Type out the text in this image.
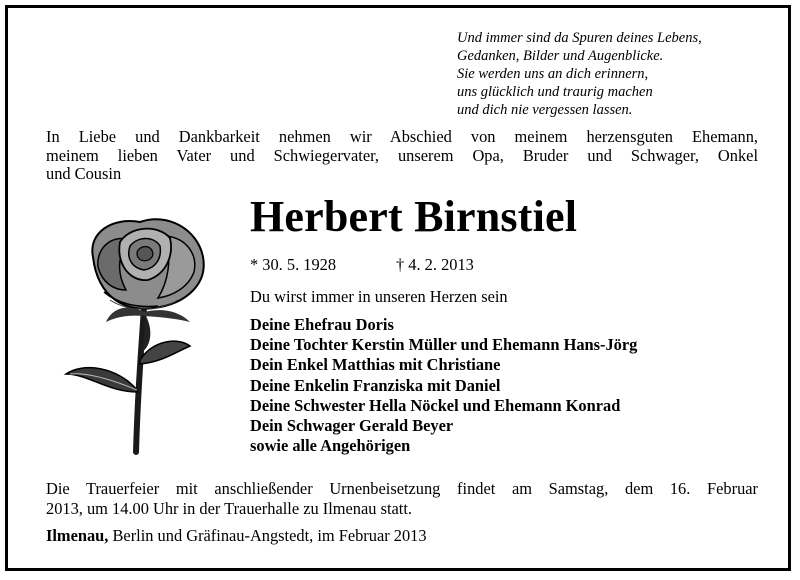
Und immer sind da Spuren deines Lebens,
Gedanken, Bilder und Augenblicke.
Sie werden uns an dich erinnern,
uns glücklich und traurig machen
und dich nie vergessen lassen.
In Liebe und Dankbarkeit nehmen wir Abschied von meinem herzensguten Ehemann,
meinem lieben Vater und Schwiegervater, unserem Opa, Bruder und Schwager, Onkel
und Cousin
Herbert Birnstiel
* 30. 5. 1928	† 4. 2. 2013
Du wirst immer in unseren Herzen sein
Deine Ehefrau Doris
Deine Tochter Kerstin Müller und Ehemann Hans-Jörg
Dein Enkel Matthias mit Christiane
Deine Enkelin Franziska mit Daniel
Deine Schwester Hella Nöckel und Ehemann Konrad
Dein Schwager Gerald Beyer
sowie alle Angehörigen
Die Trauerfeier mit anschließender Urnenbeisetzung findet am Samstag, dem 16. Februar
2013, um 14.00 Uhr in der Trauerhalle zu Ilmenau statt.
Ilmenau, Berlin und Gräfinau-Angstedt, im Februar 2013
